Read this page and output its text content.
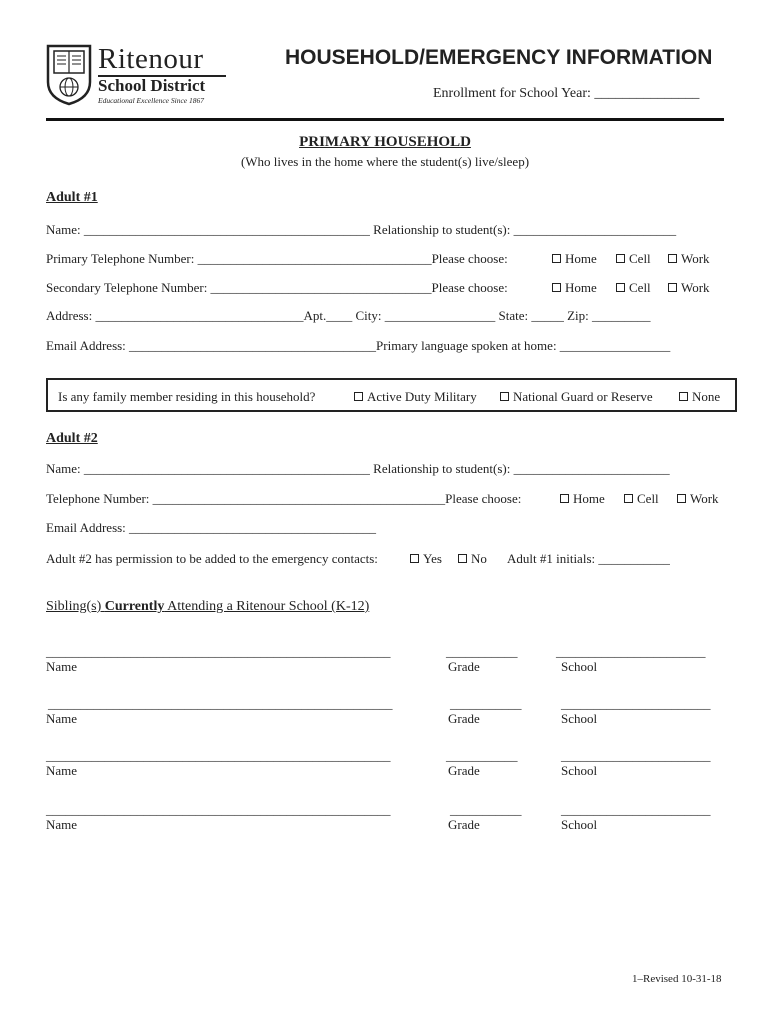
Ritenour
School District
Educational Excellence Since 1867
HOUSEHOLD/EMERGENCY INFORMATION
Enrollment for School Year: _______________
PRIMARY HOUSEHOLD
(Who lives in the home where the student(s) live/sleep)
Adult #1
Name: ____________________________________________ Relationship to student(s): _________________________
Primary Telephone Number: ____________________________________Please choose:	Home	Cell	Work
Secondary Telephone Number: __________________________________Please choose:	Home	Cell	Work
Address: ________________________________Apt.____ City: _________________ State: _____ Zip: _________
Email Address: ______________________________________Primary language spoken at home: _________________
Is any family member residing in this household?	Active Duty Military	National Guard or Reserve	None
Adult #2
Name: ____________________________________________ Relationship to student(s): ________________________
Telephone Number: _____________________________________________Please choose:	Home	Cell	Work
Email Address: ______________________________________
Adult #2 has permission to be added to the emergency contacts:	Yes	No Adult #1 initials: ___________
Sibling(s) Currently Attending a Ritenour School (K-12)
_____________________________________________________	___________	_______________________
Name	Grade	School
_____________________________________________________	___________	_______________________
Name	Grade	School
_____________________________________________________	___________	_______________________
Name	Grade	School
_____________________________________________________	___________	_______________________
Name	Grade	School
1–Revised 10-31-18
